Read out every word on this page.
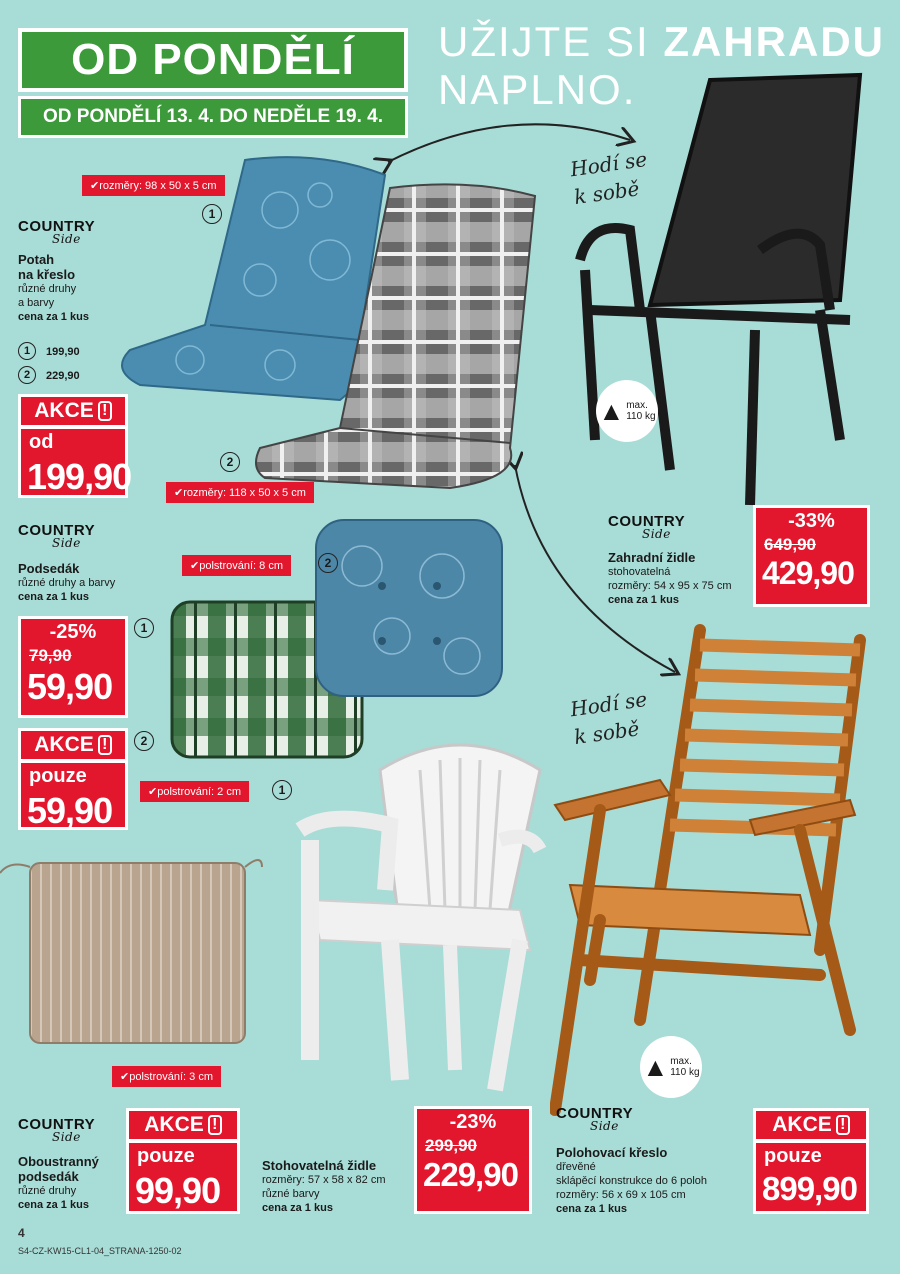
OD PONDĚLÍ
OD PONDĚLÍ 13. 4. DO NEDĚLE 19. 4.
UŽIJTE SI ZAHRADU
NAPLNO.
✔ rozměry: 98 x 50 x 5 cm
1
2
✔ rozměry: 118 x 50 x 5 cm
COUNTRY
Side
Potah
na křeslo
různé druhy
a barvy
cena za 1 kus
1	199,90
2	229,90
AKCE !
od
199,90
COUNTRY
Side
Podsedák
různé druhy a barvy
cena za 1 kus
-25%
79,90
59,90
1
AKCE !	2
pouze
59,90
✔ polstrování: 8 cm	2
✔ polstrování: 2 cm	1
Hodí se
k sobě
Hodí se
k sobě
▲ max.
110 kg
COUNTRY
Side
Zahradní židle
stohovatelná
rozměry: 54 x 95 x 75 cm
cena za 1 kus
-33%
649,90
429,90
✔ polstrování: 3 cm	▲ max.
110 kg
COUNTRY
Side
Oboustranný
podsedák
různé druhy
cena za 1 kus
AKCE !
pouze
99,90
Stohovatelná židle
rozměry: 57 x 58 x 82 cm
různé barvy
cena za 1 kus
-23%
299,90
229,90
COUNTRY
Side
Polohovací křeslo
dřevěné
sklápěcí konstrukce do 6 poloh
rozměry: 56 x 69 x 105 cm
cena za 1 kus
AKCE !
pouze
899,90
4
S4-CZ-KW15-CL1-04_STRANA-1250-02
